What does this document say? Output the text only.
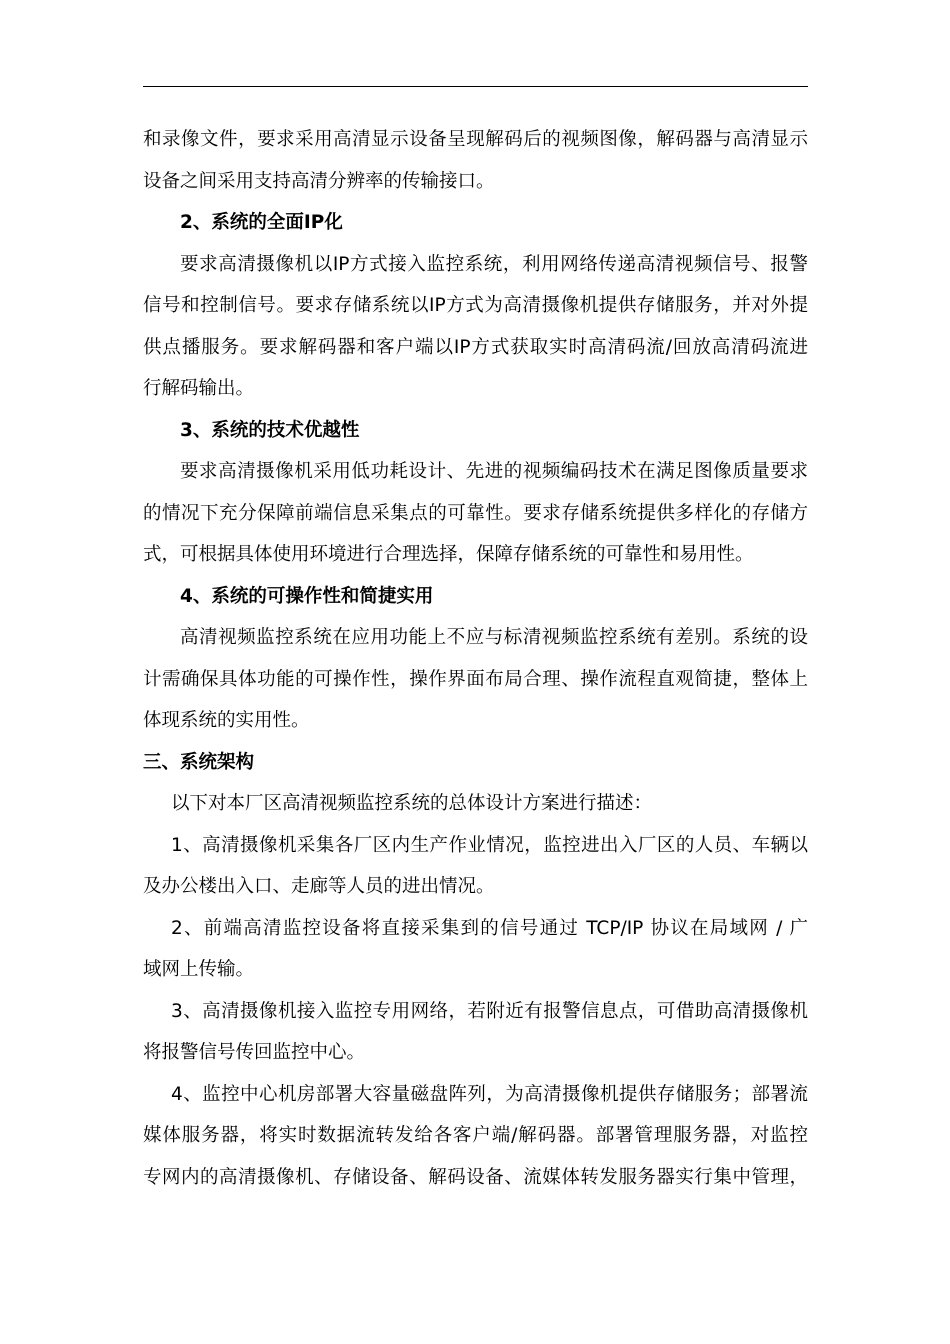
和录像文件，要求采用高清显示设备呈现解码后的视频图像，解码器与高清显示
设备之间采用支持高清分辨率的传输接口。
2、系统的全面IP化
要求高清摄像机以IP方式接入监控系统，利用网络传递高清视频信号、报警
信号和控制信号。要求存储系统以IP方式为高清摄像机提供存储服务，并对外提
供点播服务。要求解码器和客户端以IP方式获取实时高清码流/回放高清码流进
行解码输出。
3、系统的技术优越性
要求高清摄像机采用低功耗设计、先进的视频编码技术在满足图像质量要求
的情况下充分保障前端信息采集点的可靠性。要求存储系统提供多样化的存储方
式，可根据具体使用环境进行合理选择，保障存储系统的可靠性和易用性。
4、系统的可操作性和简捷实用
高清视频监控系统在应用功能上不应与标清视频监控系统有差别。系统的设
计需确保具体功能的可操作性，操作界面布局合理、操作流程直观简捷，整体上
体现系统的实用性。
三、系统架构
以下对本厂区高清视频监控系统的总体设计方案进行描述：
1、高清摄像机采集各厂区内生产作业情况，监控进出入厂区的人员、车辆以
及办公楼出入口、走廊等人员的进出情况。
2、前端高清监控设备将直接采集到的信号通过 TCP/IP 协议在局域网 / 广
域网上传输。
3、高清摄像机接入监控专用网络，若附近有报警信息点，可借助高清摄像机
将报警信号传回监控中心。
4、监控中心机房部署大容量磁盘阵列，为高清摄像机提供存储服务；部署流
媒体服务器，将实时数据流转发给各客户端/解码器。部署管理服务器，对监控
专网内的高清摄像机、存储设备、解码设备、流媒体转发服务器实行集中管理，
